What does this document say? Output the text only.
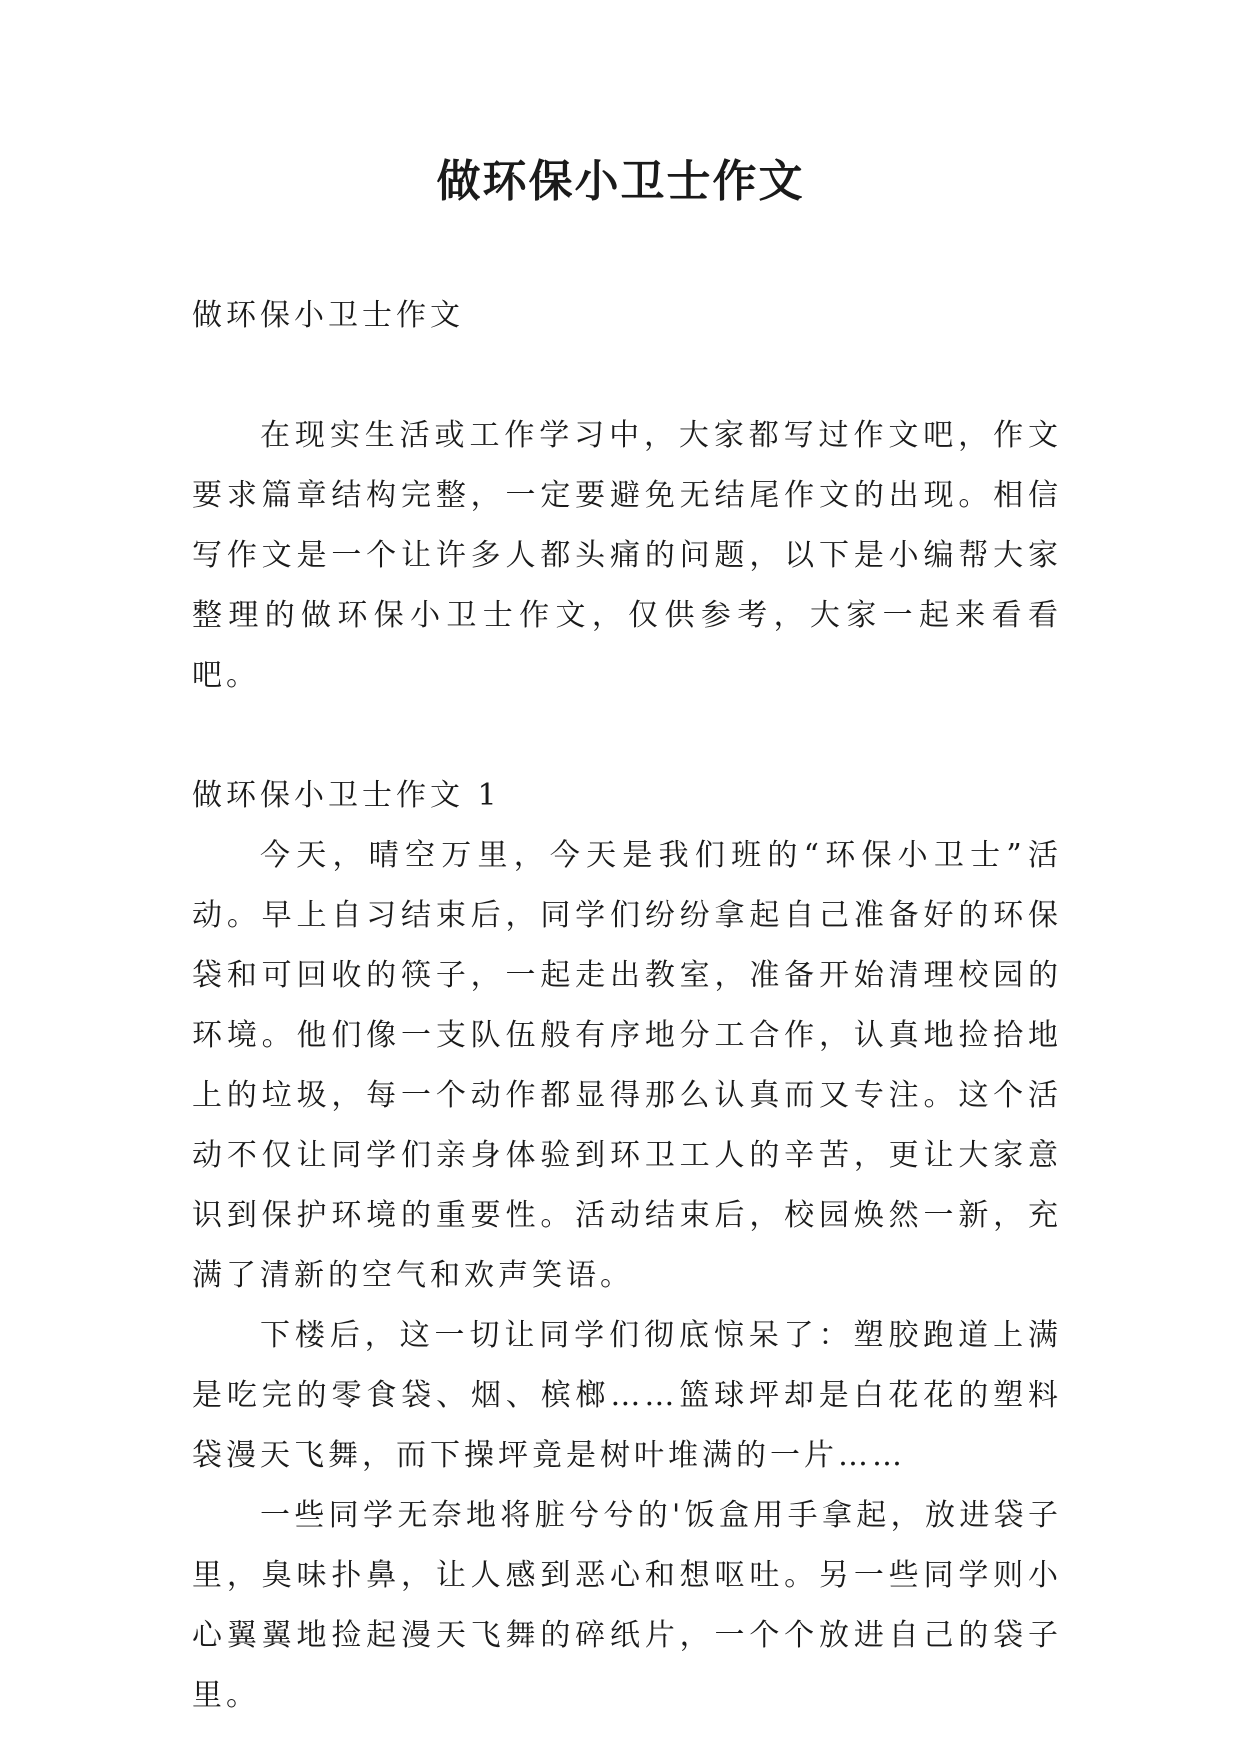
做环保小卫士作文

做环保小卫士作文

在现实生活或工作学习中，大家都写过作文吧，作文要求篇章结构完整，一定要避免无结尾作文的出现。相信写作文是一个让许多人都头痛的问题，以下是小编帮大家整理的做环保小卫士作文，仅供参考，大家一起来看看吧。

做环保小卫士作文 1

今天，晴空万里，今天是我们班的“环保小卫士”活动。早上自习结束后，同学们纷纷拿起自己准备好的环保袋和可回收的筷子，一起走出教室，准备开始清理校园的环境。他们像一支队伍般有序地分工合作，认真地捡拾地上的垃圾，每一个动作都显得那么认真而又专注。这个活动不仅让同学们亲身体验到环卫工人的辛苦，更让大家意识到保护环境的重要性。活动结束后，校园焕然一新，充满了清新的空气和欢声笑语。

下楼后，这一切让同学们彻底惊呆了：塑胶跑道上满是吃完的零食袋、烟、槟榔……篮球坪却是白花花的塑料袋漫天飞舞，而下操坪竟是树叶堆满的一片……

一些同学无奈地将脏兮兮的'饭盒用手拿起，放进袋子里，臭味扑鼻，让人感到恶心和想呕吐。另一些同学则小心翼翼地捡起漫天飞舞的碎纸片，一个个放进自己的袋子里。
